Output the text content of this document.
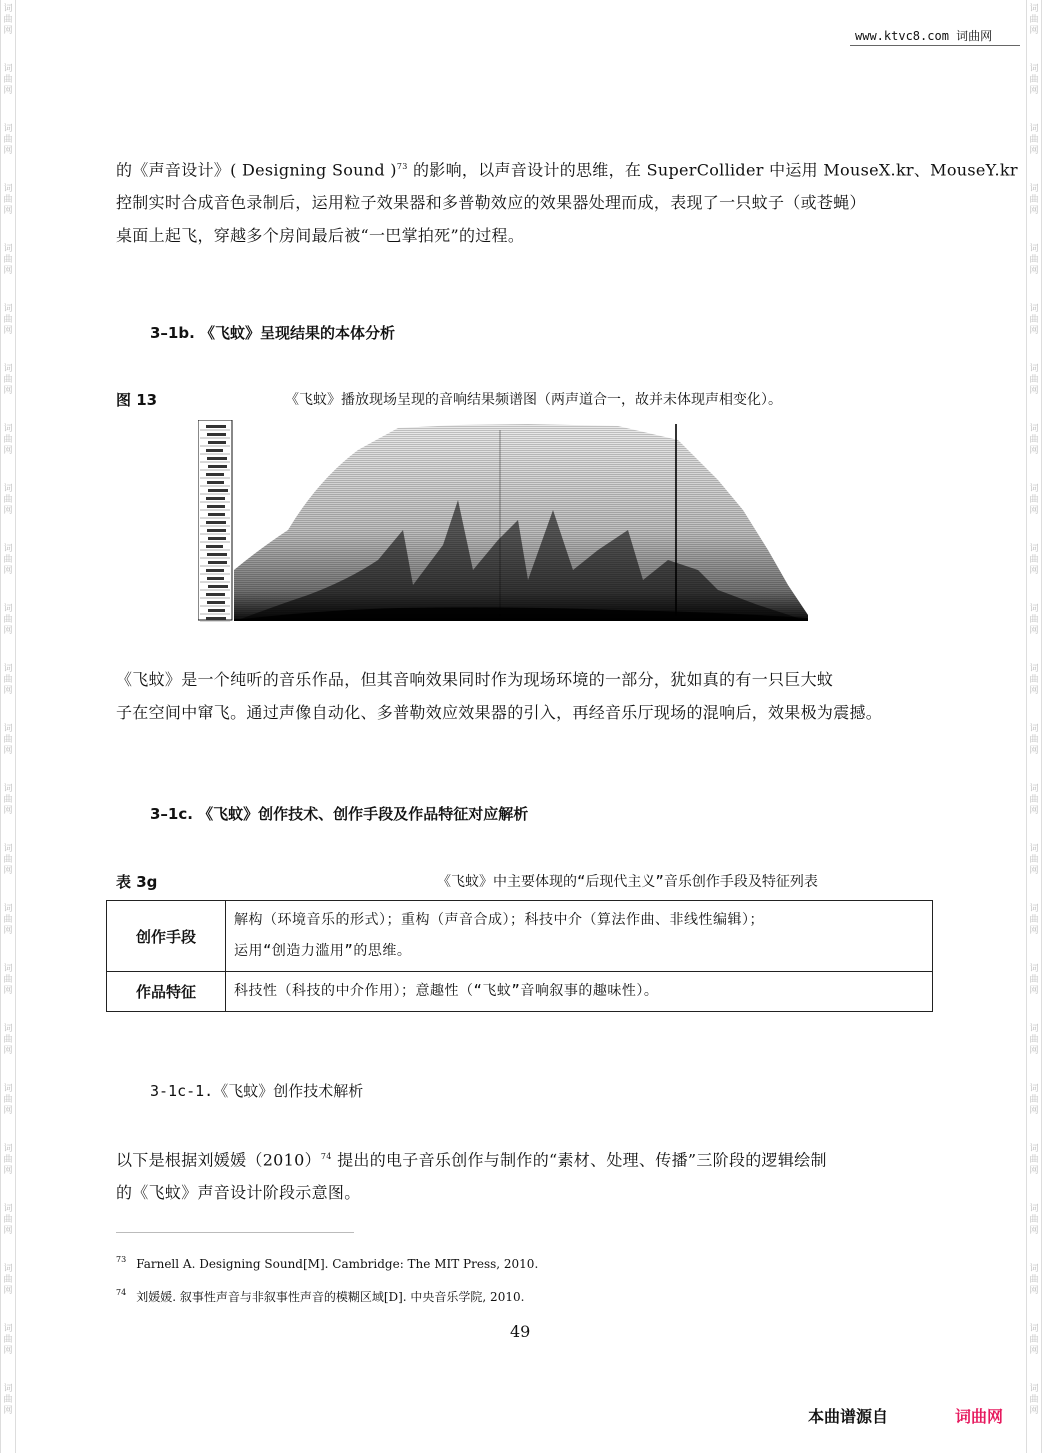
词
曲
网
词
曲
网
词
曲
网
词
曲
网
词
曲
网
词
曲
网
词
曲
网
词
曲
网
词
曲
网
词
曲
网
词
曲
网
词
曲
网
词
曲
网
词
曲
网
词
曲
网
词
曲
网
词
曲
网
词
曲
网
词
曲
网
词
曲
网
词
曲
网
词
曲
网
词
曲
网
词
曲
网
词
曲
网
词
曲
网
词
曲
网
词
曲
网
词
曲
网
词
曲
网
词
曲
网
词
曲
网
词
曲
网
词
曲
网
词
曲
网
词
曲
网
词
曲
网
词
曲
网
词
曲
网
词
曲
网
词
曲
网
词
曲
网
词
曲
网
词
曲
网
词
曲
网
词
曲
网
词
曲
网
词
曲
网
www.ktvc8.com 词曲网
的《声音设计》( Designing Sound )$^{73}$ 的影响，以声音设计的思维，在 SuperCollider 中运用 MouseX.kr、MouseY.kr
控制实时合成音色录制后，运用粒子效果器和多普勒效应的效果器处理而成，表现了一只蚊子（或苍蝇）
桌面上起飞，穿越多个房间最后被“一巴掌拍死”的过程。
3–1b. 《飞蚊》呈现结果的本体分析
图 13	《飞蚊》播放现场呈现的音响结果频谱图（两声道合一，故并未体现声相变化）。
《飞蚊》是一个纯听的音乐作品，但其音响效果同时作为现场环境的一部分，犹如真的有一只巨大蚊
子在空间中窜飞。通过声像自动化、多普勒效应效果器的引入，再经音乐厅现场的混响后，效果极为震撼。
3–1c. 《飞蚊》创作技术、创作手段及作品特征对应解析
表 3g	《飞蚊》中主要体现的“后现代主义”音乐创作手段及特征列表
创作手段	解构（环境音乐的形式）；重构（声音合成）；科技中介（算法作曲、非线性编辑）；
运用“创造力滥用”的思维。

作品特征	科技性（科技的中介作用）；意趣性（“飞蚊”音响叙事的趣味性）。
3-1c-1.《飞蚊》创作技术解析
以下是根据刘媛媛$(2010)^{74}$ 提出的电子音乐创作与制作的“素材、处理、传播”三阶段的逻辑绘制
的《飞蚊》声音设计阶段示意图。
$^{73}$ Farnell A. Designing Sound[M]. Cambridge: The MIT Press, 2010.
$^{74}$ 刘媛媛. 叙事性声音与非叙事性声音的模糊区域[D]. 中央音乐学院, 2010.
49
本曲谱源自	词曲网
